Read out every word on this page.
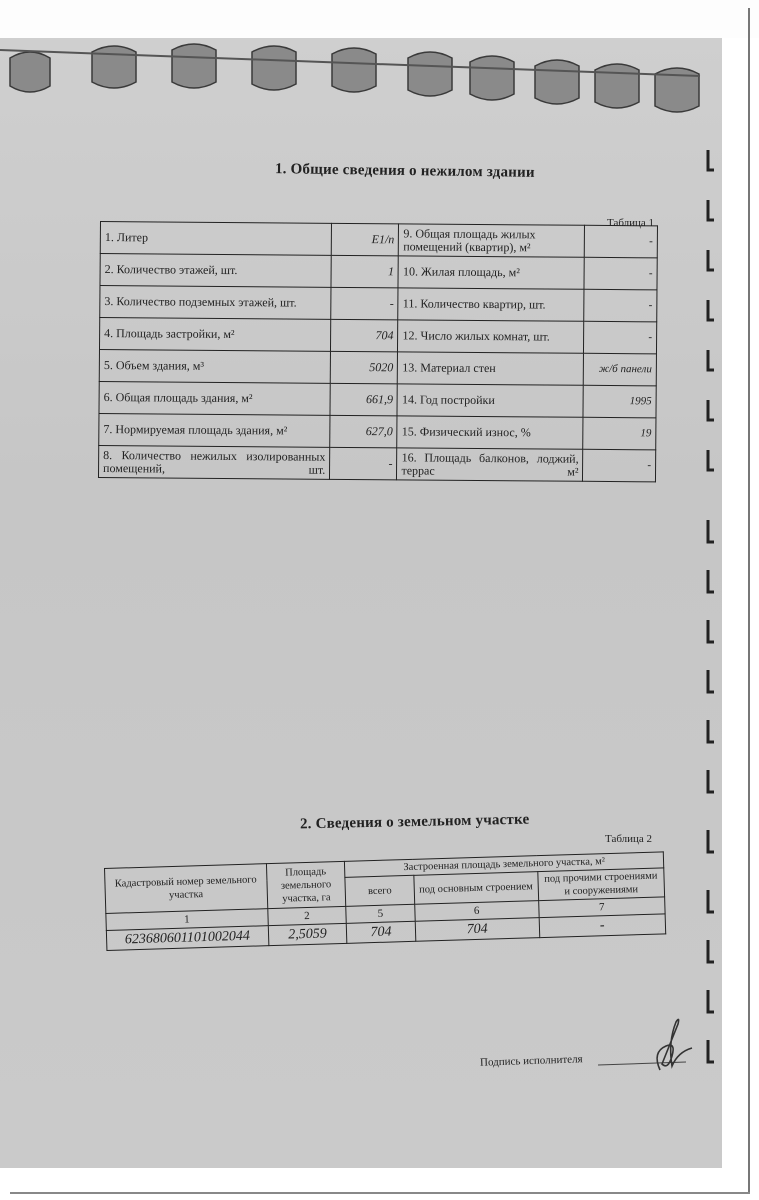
1. Общие сведения о нежилом здании
Таблица 1
1. Литер	Е1/п	9. Общая площадь жилых помещений (квартир), м²	-
2. Количество этажей, шт.	1	10. Жилая площадь, м²	-
3. Количество подземных этажей, шт.	-	11. Количество квартир, шт.	-
4. Площадь застройки, м²	704	12. Число жилых комнат, шт.	-
5. Объем здания, м³	5020	13. Материал стен	ж/б панели
6. Общая площадь здания, м²	661,9	14. Год постройки	1995
7. Нормируемая площадь здания, м²	627,0	15. Физический износ, %	19
8. Количество нежилых изолированных помещений, шт.	-	16. Площадь балконов, лоджий, террас м²	-
2. Сведения о земельном участке
Таблица 2
Кадастровый номер земельного участка	Площадь земельного участка, га	Застроенная площадь земельного участка, м²		
		всего	под основным строением	под прочими строениями и сооружениями
1	2	5	6	7
623680601101002044	2,5059	704	704	-
Подпись исполнителя
